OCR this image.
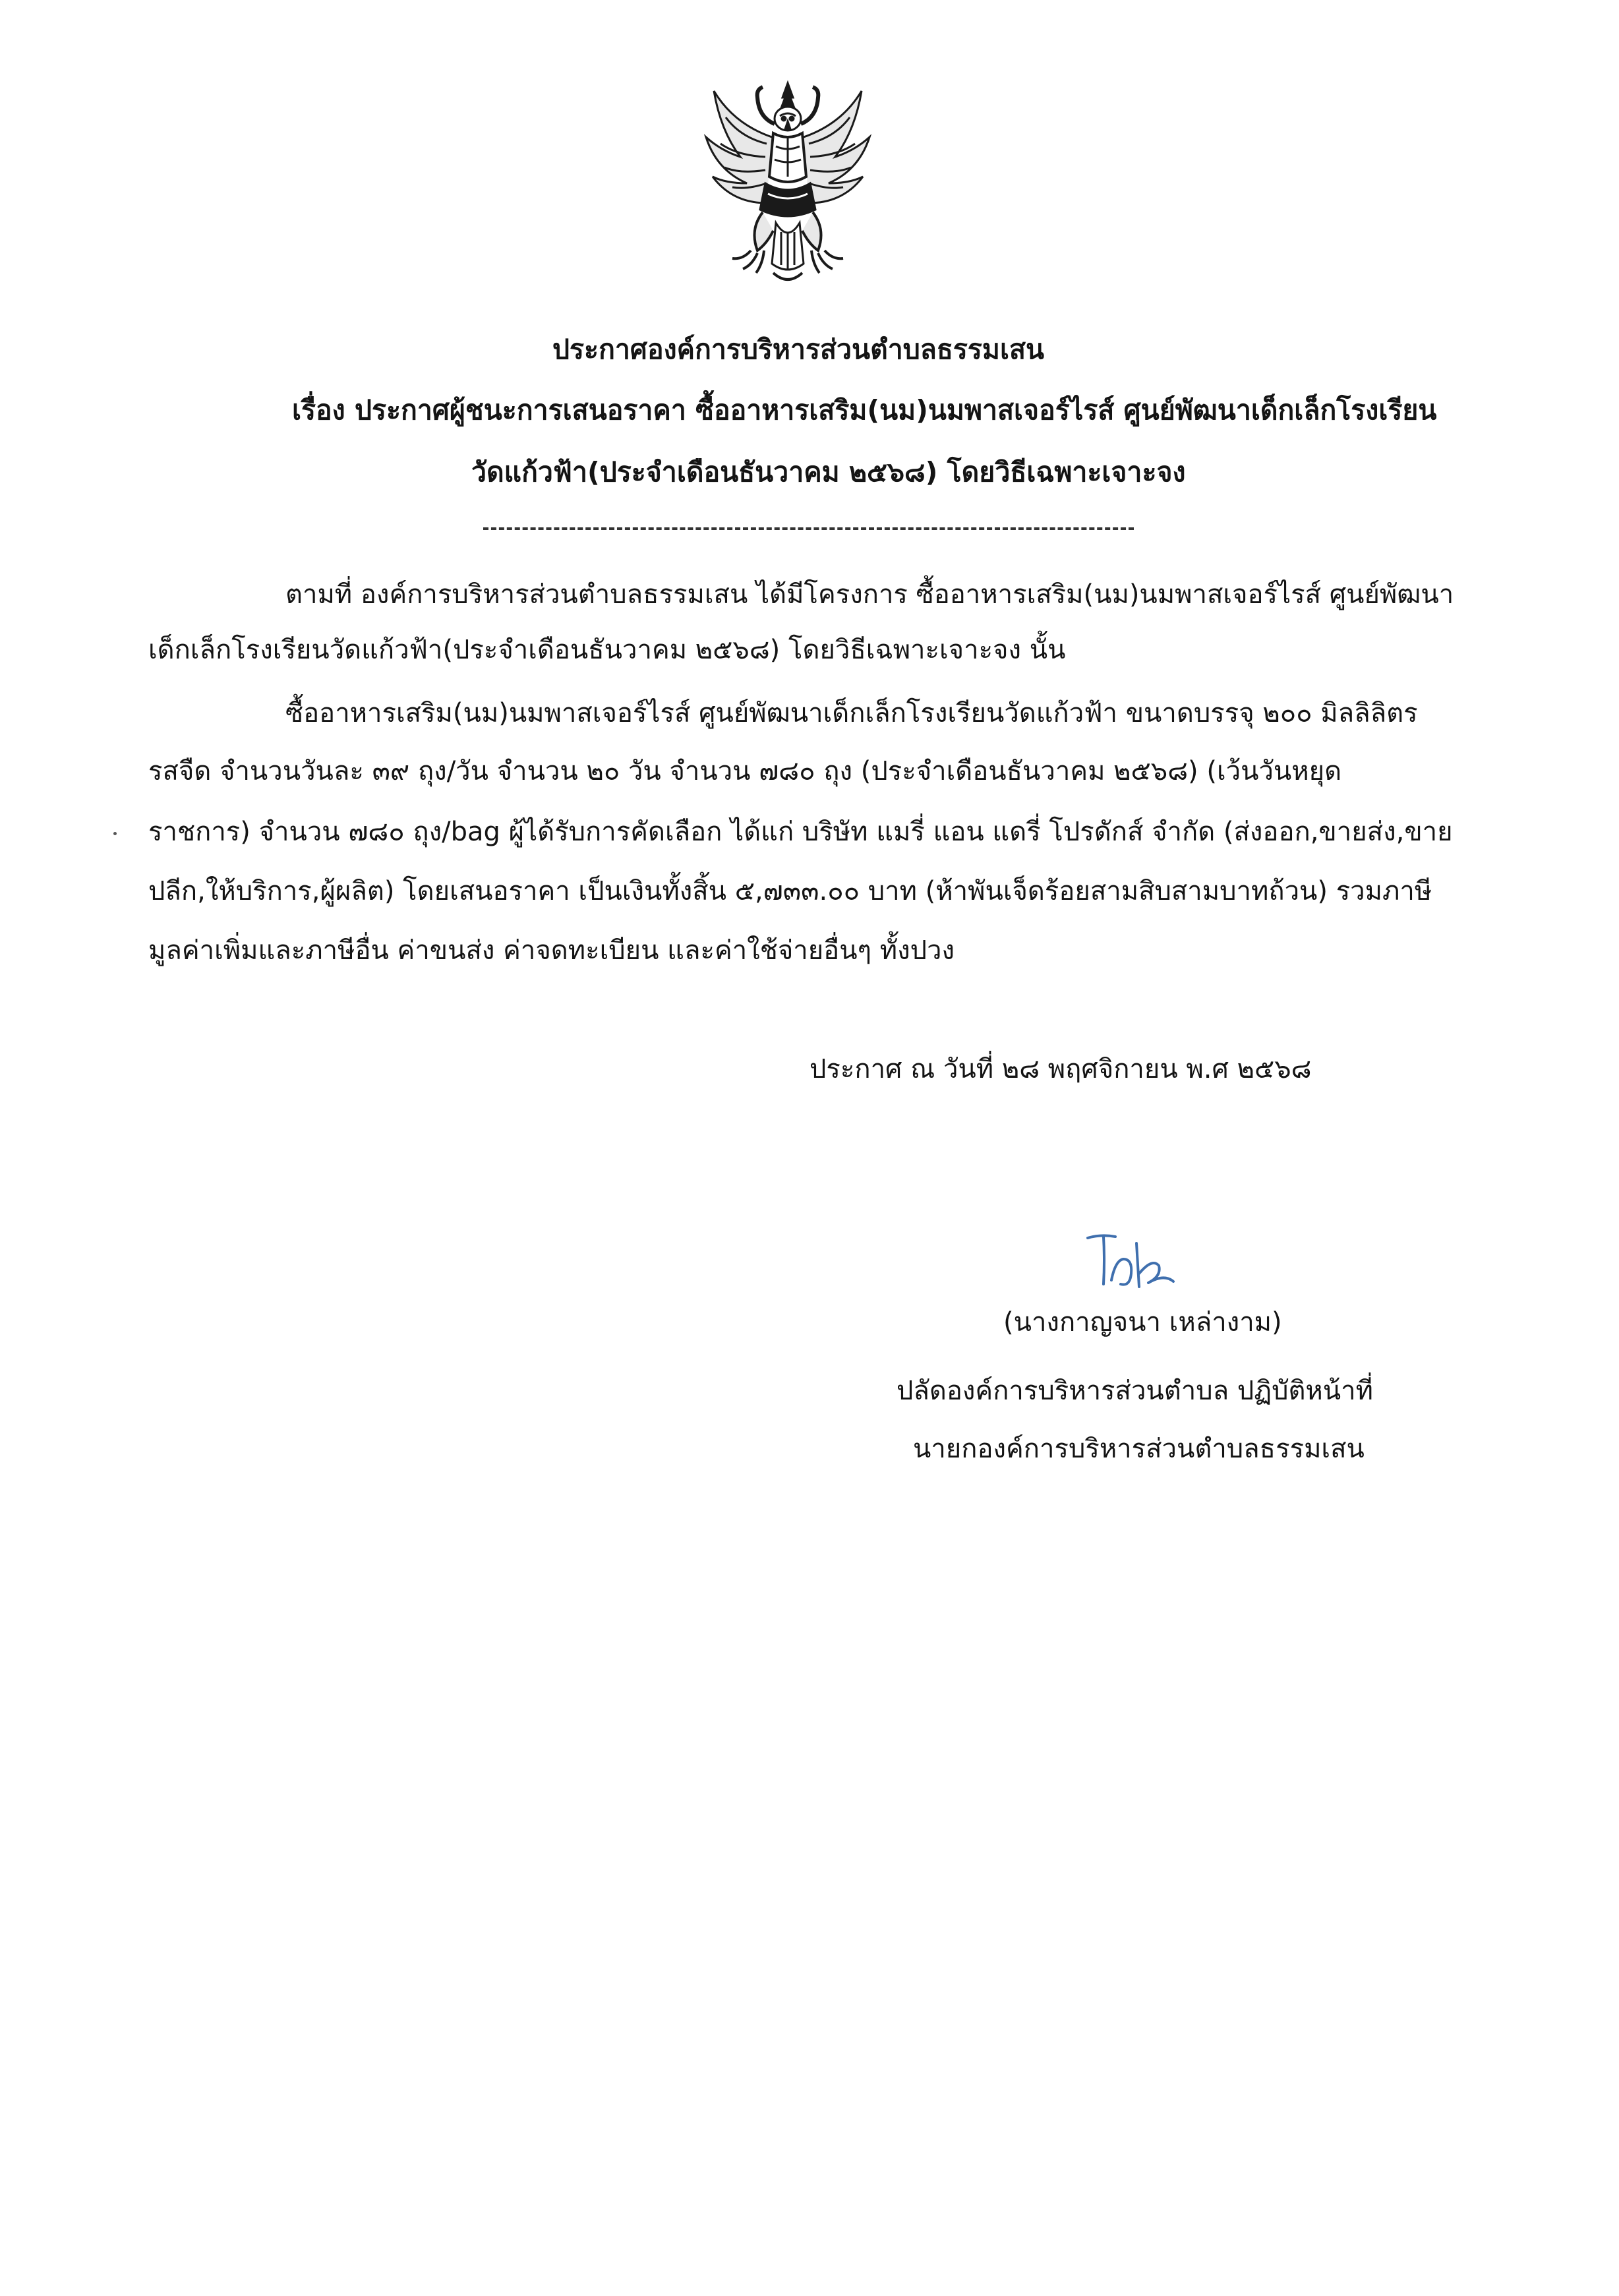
ประกาศองค์การบริหารส่วนตำบลธรรมเสน
เรื่อง ประกาศผู้ชนะการเสนอราคา ซื้ออาหารเสริม(นม)นมพาสเจอร์ไรส์ ศูนย์พัฒนาเด็กเล็กโรงเรียน
วัดแก้วฟ้า(ประจำเดือนธันวาคม ๒๕๖๘) โดยวิธีเฉพาะเจาะจง
ตามที่ องค์การบริหารส่วนตำบลธรรมเสน ได้มีโครงการ ซื้ออาหารเสริม(นม)นมพาสเจอร์ไรส์ ศูนย์พัฒนา
เด็กเล็กโรงเรียนวัดแก้วฟ้า(ประจำเดือนธันวาคม ๒๕๖๘) โดยวิธีเฉพาะเจาะจง นั้น
ซื้ออาหารเสริม(นม)นมพาสเจอร์ไรส์ ศูนย์พัฒนาเด็กเล็กโรงเรียนวัดแก้วฟ้า ขนาดบรรจุ ๒๐๐ มิลลิลิตร
รสจืด จำนวนวันละ ๓๙ ถุง/วัน จำนวน ๒๐ วัน จำนวน ๗๘๐ ถุง (ประจำเดือนธันวาคม ๒๕๖๘) (เว้นวันหยุด
ราชการ) จำนวน ๗๘๐ ถุง/bag ผู้ได้รับการคัดเลือก ได้แก่ บริษัท แมรี่ แอน แดรี่ โปรดักส์ จำกัด (ส่งออก,ขายส่ง,ขาย
ปลีก,ให้บริการ,ผู้ผลิต) โดยเสนอราคา เป็นเงินทั้งสิ้น ๕,๗๓๓.๐๐ บาท (ห้าพันเจ็ดร้อยสามสิบสามบาทถ้วน) รวมภาษี
มูลค่าเพิ่มและภาษีอื่น ค่าขนส่ง ค่าจดทะเบียน และค่าใช้จ่ายอื่นๆ ทั้งปวง
ประกาศ ณ วันที่ ๒๘ พฤศจิกายน พ.ศ ๒๕๖๘
(นางกาญจนา เหล่างาม)
ปลัดองค์การบริหารส่วนตำบล ปฏิบัติหน้าที่
นายกองค์การบริหารส่วนตำบลธรรมเสน
